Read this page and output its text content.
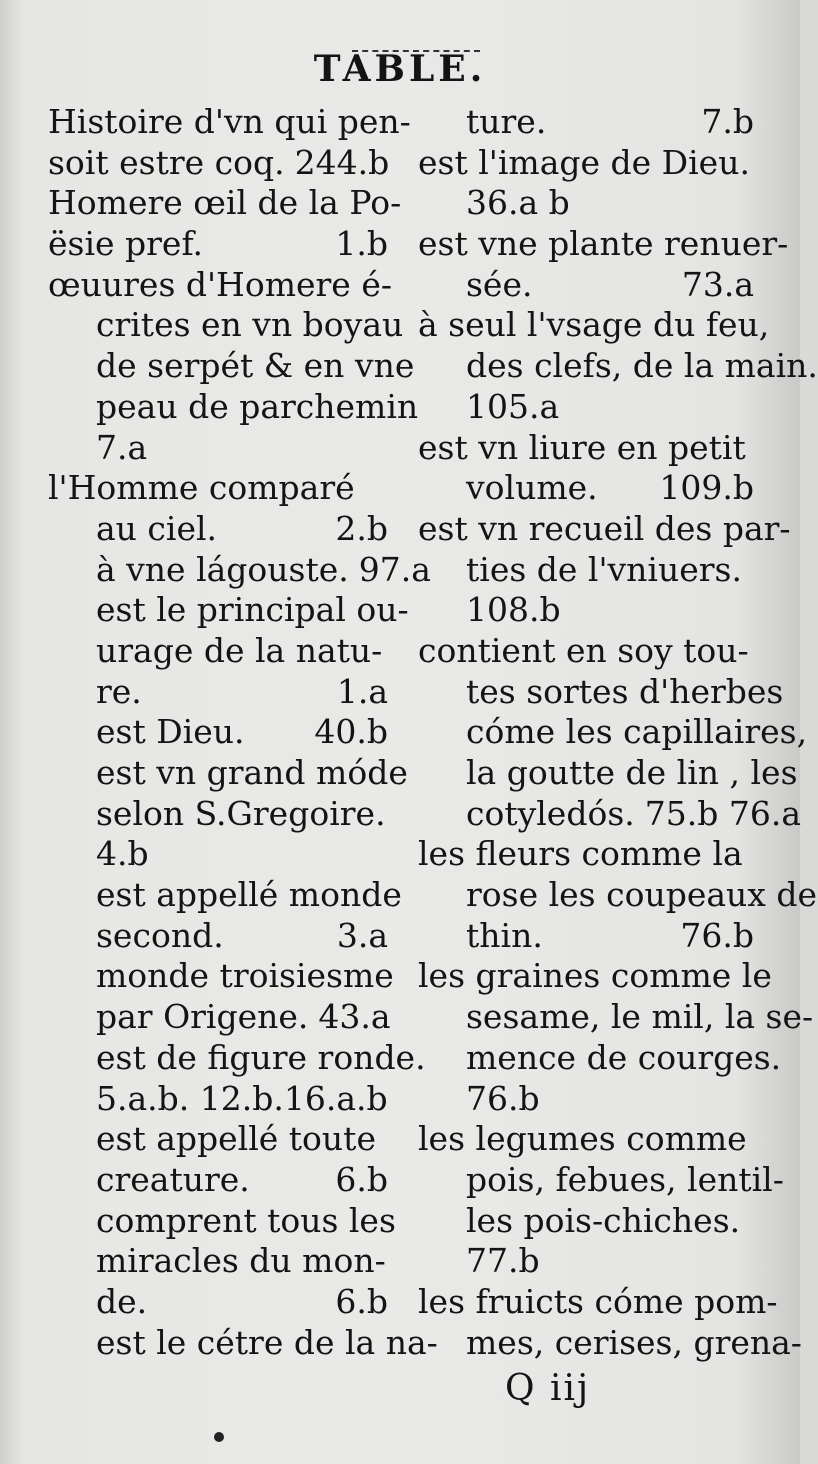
TABLE.
Histoire d'vn qui pen-
soit estre coq. 244.b
Homere œil de la Po-
ësie pref.	1.b
œuures d'Homere é-
crites en vn boyau
de serpét & en vne
peau de parchemin
7.a
l'Homme comparé
au ciel.	2.b
à vne lágouste. 97.a
est le principal ou-
urage de la natu-
re.	1.a
est Dieu. 40.b
est vn grand móde
selon S.Gregoire.
4.b
est appellé monde
second.	3.a
monde troisiesme
par Origene. 43.a
est de figure ronde.
5.a.b. 12.b.16.a.b
est appellé toute
creature.	6.b
comprent tous les
miracles du mon-
de.	6.b
est le cétre de la na-
ture.	7.b
est l'image de Dieu.
36.a b
est vne plante renuer-
sée.	73.a
à seul l'vsage du feu,
des clefs, de la main.
105.a
est vn liure en petit
volume. 109.b
est vn recueil des par-
ties de l'vniuers.
108.b
contient en soy tou-
tes sortes d'herbes
cóme les capillaires,
la goutte de lin , les
cotyledós. 75.b 76.a
les fleurs comme la
rose les coupeaux de
thin.	76.b
les graines comme le
sesame, le mil, la se-
mence de courges.
76.b
les legumes comme
pois, febues, lentil-
les pois-chiches.
77.b
les fruicts cóme pom-
mes, cerises, grena-
Q iij
